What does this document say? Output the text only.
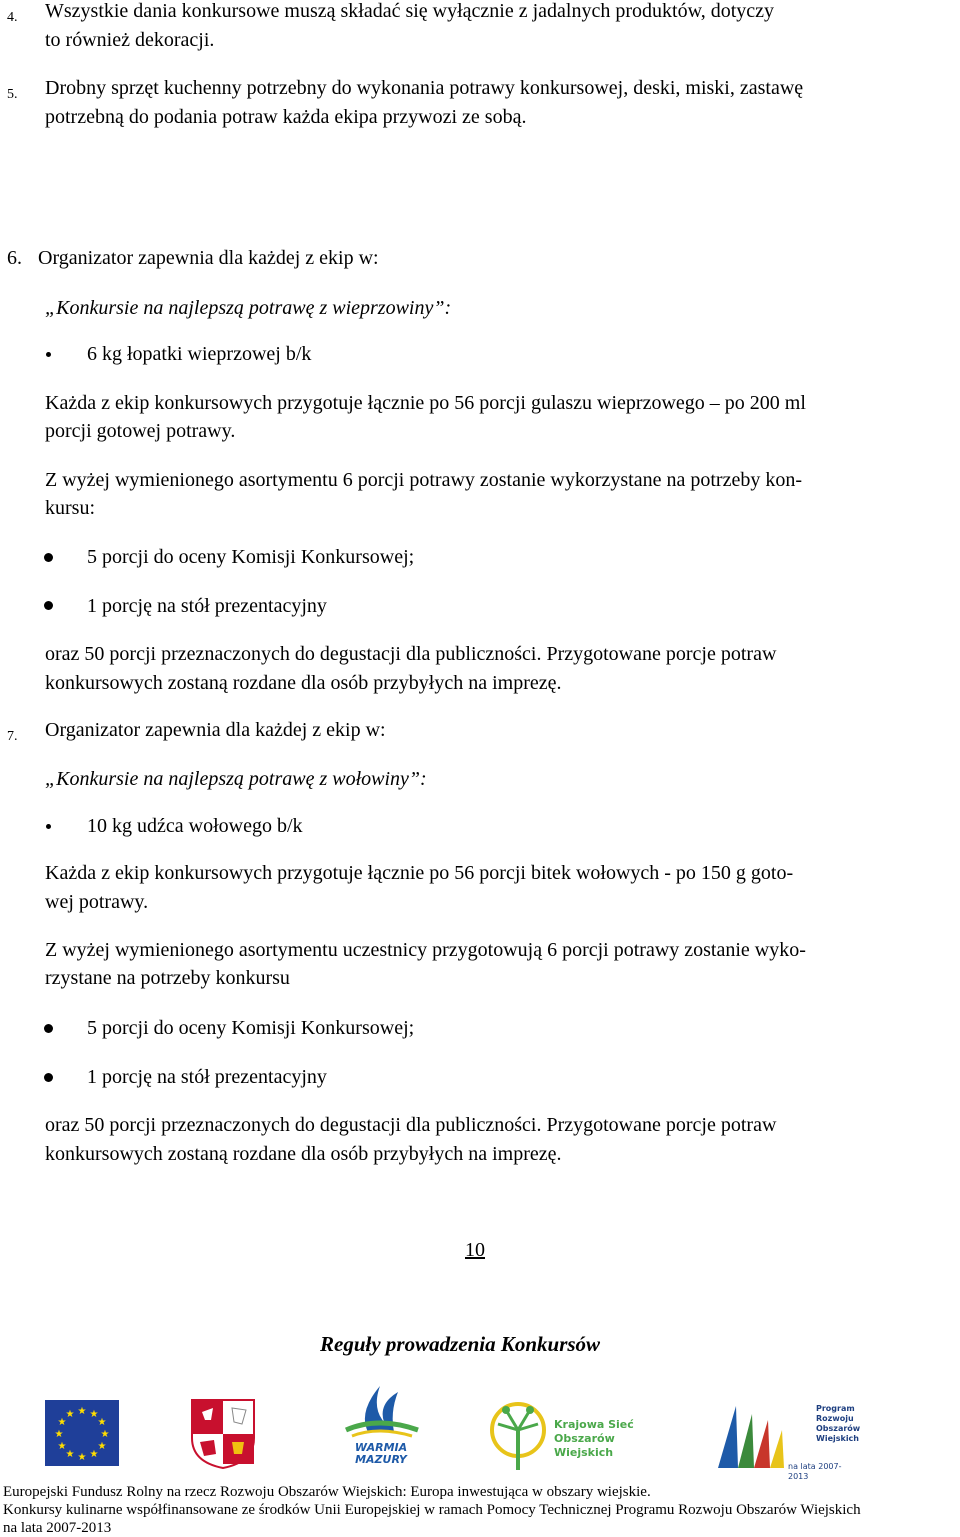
4. Wszystkie dania konkursowe muszą składać się wyłącznie z jadalnych produktów, dotyczy
to również dekoracji.
5. Drobny sprzęt kuchenny potrzebny do wykonania potrawy konkursowej, deski, miski, zastawę
potrzebną do podania potraw każda ekipa przywozi ze sobą.
6. Organizator zapewnia dla każdej z ekip w:
„Konkursie na najlepszą potrawę z wieprzowiny”:
6 kg łopatki wieprzowej b/k
Każda z ekip konkursowych przygotuje łącznie po 56 porcji gulaszu wieprzowego – po 200 ml
porcji gotowej potrawy.
Z wyżej wymienionego asortymentu 6 porcji potrawy zostanie wykorzystane na potrzeby kon-
kursu:
5 porcji do oceny Komisji Konkursowej;
1 porcję na stół prezentacyjny
oraz 50 porcji przeznaczonych do degustacji dla publiczności. Przygotowane porcje potraw
konkursowych zostaną rozdane dla osób przybyłych na imprezę.
7. Organizator zapewnia dla każdej z ekip w:
„Konkursie na najlepszą potrawę z wołowiny”:
10 kg udźca wołowego b/k
Każda z ekip konkursowych przygotuje łącznie po 56 porcji bitek wołowych - po 150 g goto-
wej potrawy.
Z wyżej wymienionego asortymentu uczestnicy przygotowują 6 porcji potrawy zostanie wyko-
rzystane na potrzeby konkursu
5 porcji do oceny Komisji Konkursowej;
1 porcję na stół prezentacyjny
oraz 50 porcji przeznaczonych do degustacji dla publiczności. Przygotowane porcje potraw
konkursowych zostaną rozdane dla osób przybyłych na imprezę.
10
Reguły prowadzenia Konkursów
★ ★
★
★
★
★
★
★
★
★
★
★
WARMIA MAZURY
Krajowa Sieć
Obszarów Wiejskich
Program
Rozwoju
Obszarów
Wiejskich
na lata 2007-2013
Europejski Fundusz Rolny na rzecz Rozwoju Obszarów Wiejskich: Europa inwestująca w obszary wiejskie.
Konkursy kulinarne współfinansowane ze środków Unii Europejskiej w ramach Pomocy Technicznej Programu Rozwoju Obszarów Wiejskich
na lata 2007-2013
